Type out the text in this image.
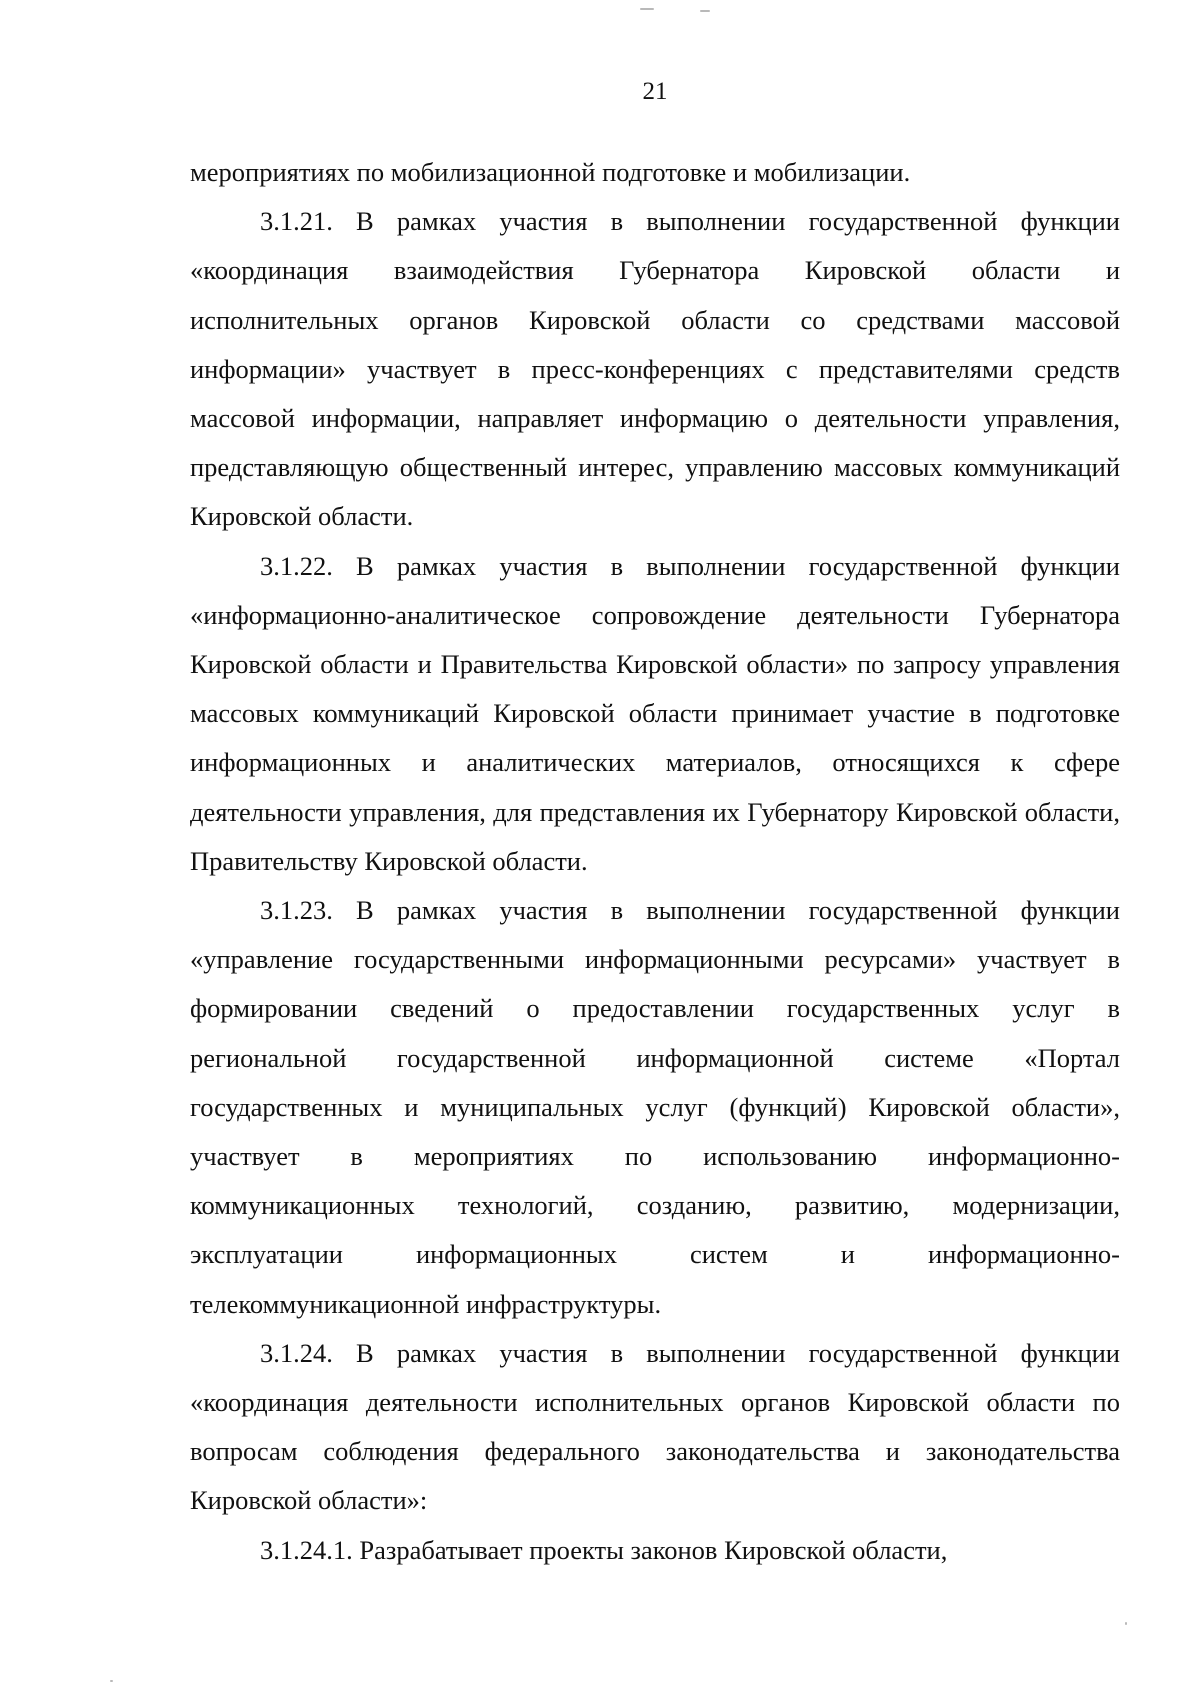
21

мероприятиях по мобилизационной подготовке и мобилизации.

3.1.21. В рамках участия в выполнении государственной функции «координация взаимодействия Губернатора Кировской области и исполнительных органов Кировской области со средствами массовой информации» участвует в пресс-конференциях с представителями средств массовой информации, направляет информацию о деятельности управления, представляющую общественный интерес, управлению массовых коммуникаций Кировской области.

3.1.22. В рамках участия в выполнении государственной функции «информационно-аналитическое сопровождение деятельности Губернатора Кировской области и Правительства Кировской области» по запросу управления массовых коммуникаций Кировской области принимает участие в подготовке информационных и аналитических материалов, относящихся к сфере деятельности управления, для представления их Губернатору Кировской области, Правительству Кировской области.

3.1.23. В рамках участия в выполнении государственной функции «управление государственными информационными ресурсами» участвует в формировании сведений о предоставлении государственных услуг в региональной государственной информационной системе «Портал государственных и муниципальных услуг (функций) Кировской области», участвует в мероприятиях по использованию информационно-коммуникационных технологий, созданию, развитию, модернизации, эксплуатации информационных систем и информационно-телекоммуникационной инфраструктуры.

3.1.24. В рамках участия в выполнении государственной функции «координация деятельности исполнительных органов Кировской области по вопросам соблюдения федерального законодательства и законодательства Кировской области»:

3.1.24.1. Разрабатывает проекты законов Кировской области,
